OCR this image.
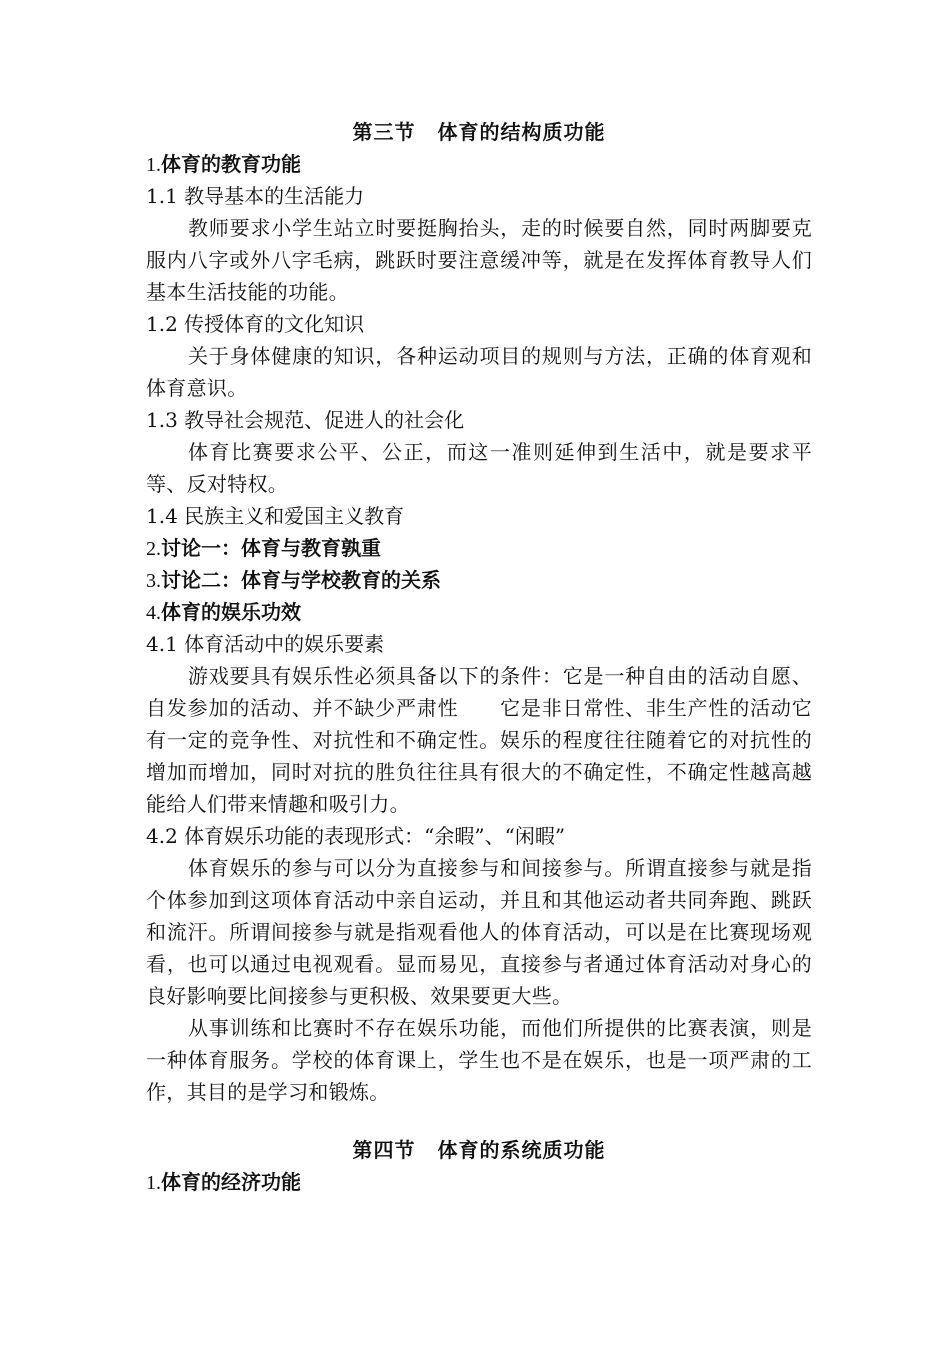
第三节 体育的结构质功能
1.体育的教育功能
1.1 教导基本的生活能力
教师要求小学生站立时要挺胸抬头，走的时候要自然，同时两脚要克服内八字或外八字毛病，跳跃时要注意缓冲等，就是在发挥体育教导人们基本生活技能的功能。
1.2 传授体育的文化知识
关于身体健康的知识，各种运动项目的规则与方法，正确的体育观和体育意识。
1.3 教导社会规范、促进人的社会化
体育比赛要求公平、公正，而这一准则延伸到生活中，就是要求平等、反对特权。
1.4 民族主义和爱国主义教育
2.讨论一：体育与教育孰重
3.讨论二：体育与学校教育的关系
4.体育的娱乐功效
4.1 体育活动中的娱乐要素
游戏要具有娱乐性必须具备以下的条件：它是一种自由的活动自愿、自发参加的活动、并不缺少严肃性　　它是非日常性、非生产性的活动它有一定的竞争性、对抗性和不确定性。娱乐的程度往往随着它的对抗性的增加而增加，同时对抗的胜负往往具有很大的不确定性，不确定性越高越能给人们带来情趣和吸引力。
4.2 体育娱乐功能的表现形式：“余暇”、“闲暇”
体育娱乐的参与可以分为直接参与和间接参与。所谓直接参与就是指个体参加到这项体育活动中亲自运动，并且和其他运动者共同奔跑、跳跃和流汗。所谓间接参与就是指观看他人的体育活动，可以是在比赛现场观看，也可以通过电视观看。显而易见，直接参与者通过体育活动对身心的良好影响要比间接参与更积极、效果要更大些。
从事训练和比赛时不存在娱乐功能，而他们所提供的比赛表演，则是一种体育服务。学校的体育课上，学生也不是在娱乐，也是一项严肃的工作，其目的是学习和锻炼。
第四节 体育的系统质功能
1.体育的经济功能
